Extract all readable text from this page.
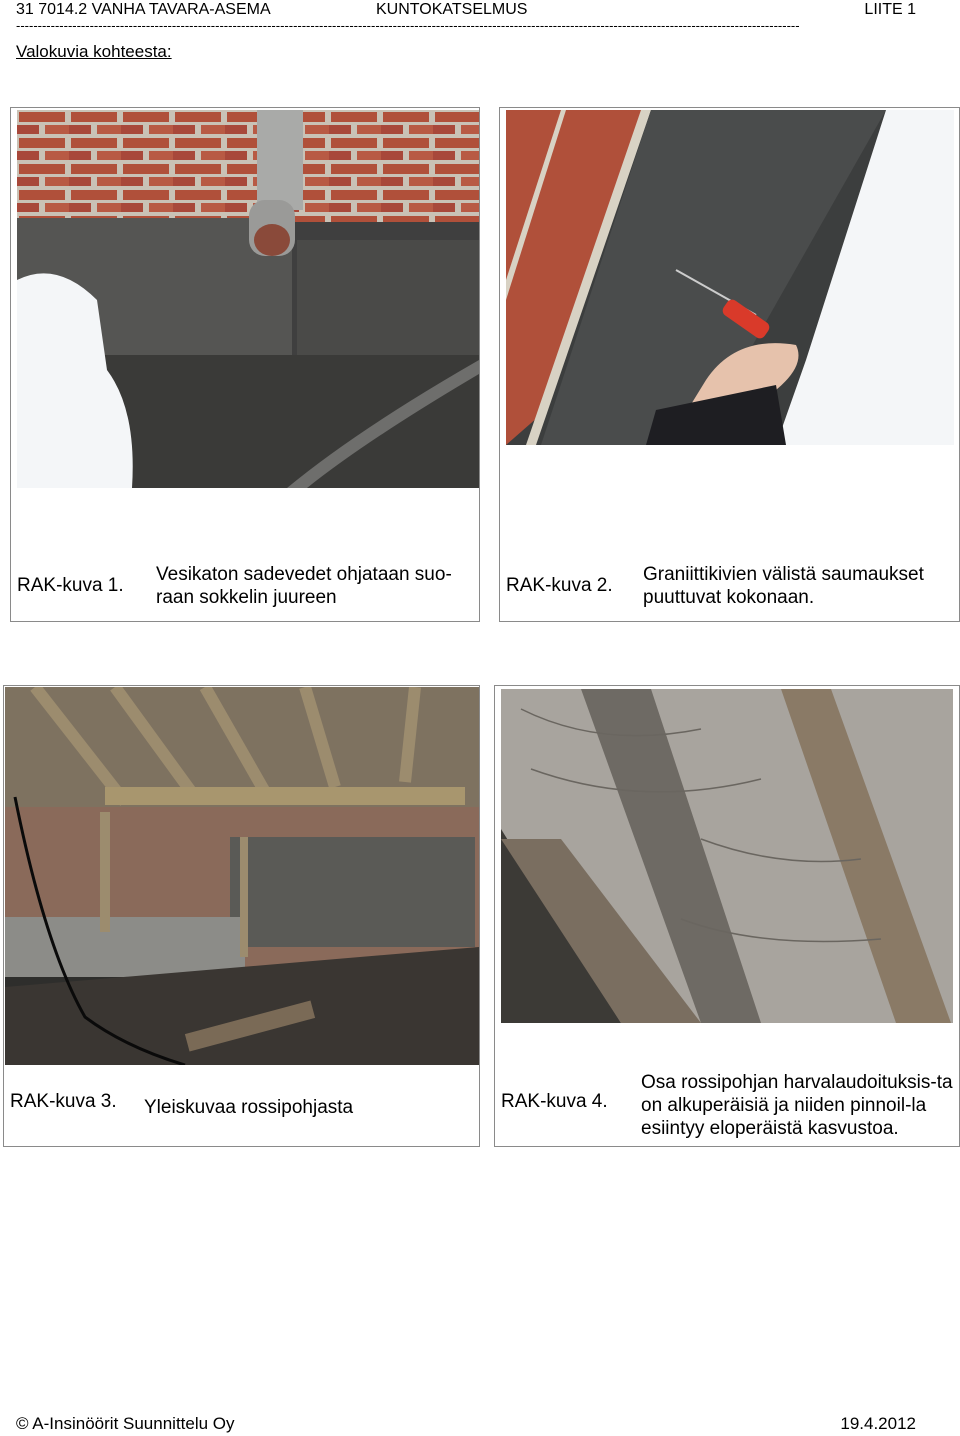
31 7014.2 VANHA TAVARA-ASEMA	KUNTOKATSELMUS	LIITE 1
-------------------------------------------------------------------------------------------------------------------------------------------------------------------------------------
Valokuvia kohteesta:
RAK-kuva 1.
Vesikaton sadevedet ohjataan suo-raan sokkelin juureen
RAK-kuva 2.
Graniittikivien välistä saumaukset puuttuvat kokonaan.
RAK-kuva 3. Yleiskuvaa rossipohjasta	RAK-kuva 4.
Osa rossipohjan harvalaudoituksis-ta on alkuperäisiä ja niiden pinnoil-la esiintyy eloperäistä kasvustoa.
© A-Insinöörit Suunnittelu Oy	19.4.2012
